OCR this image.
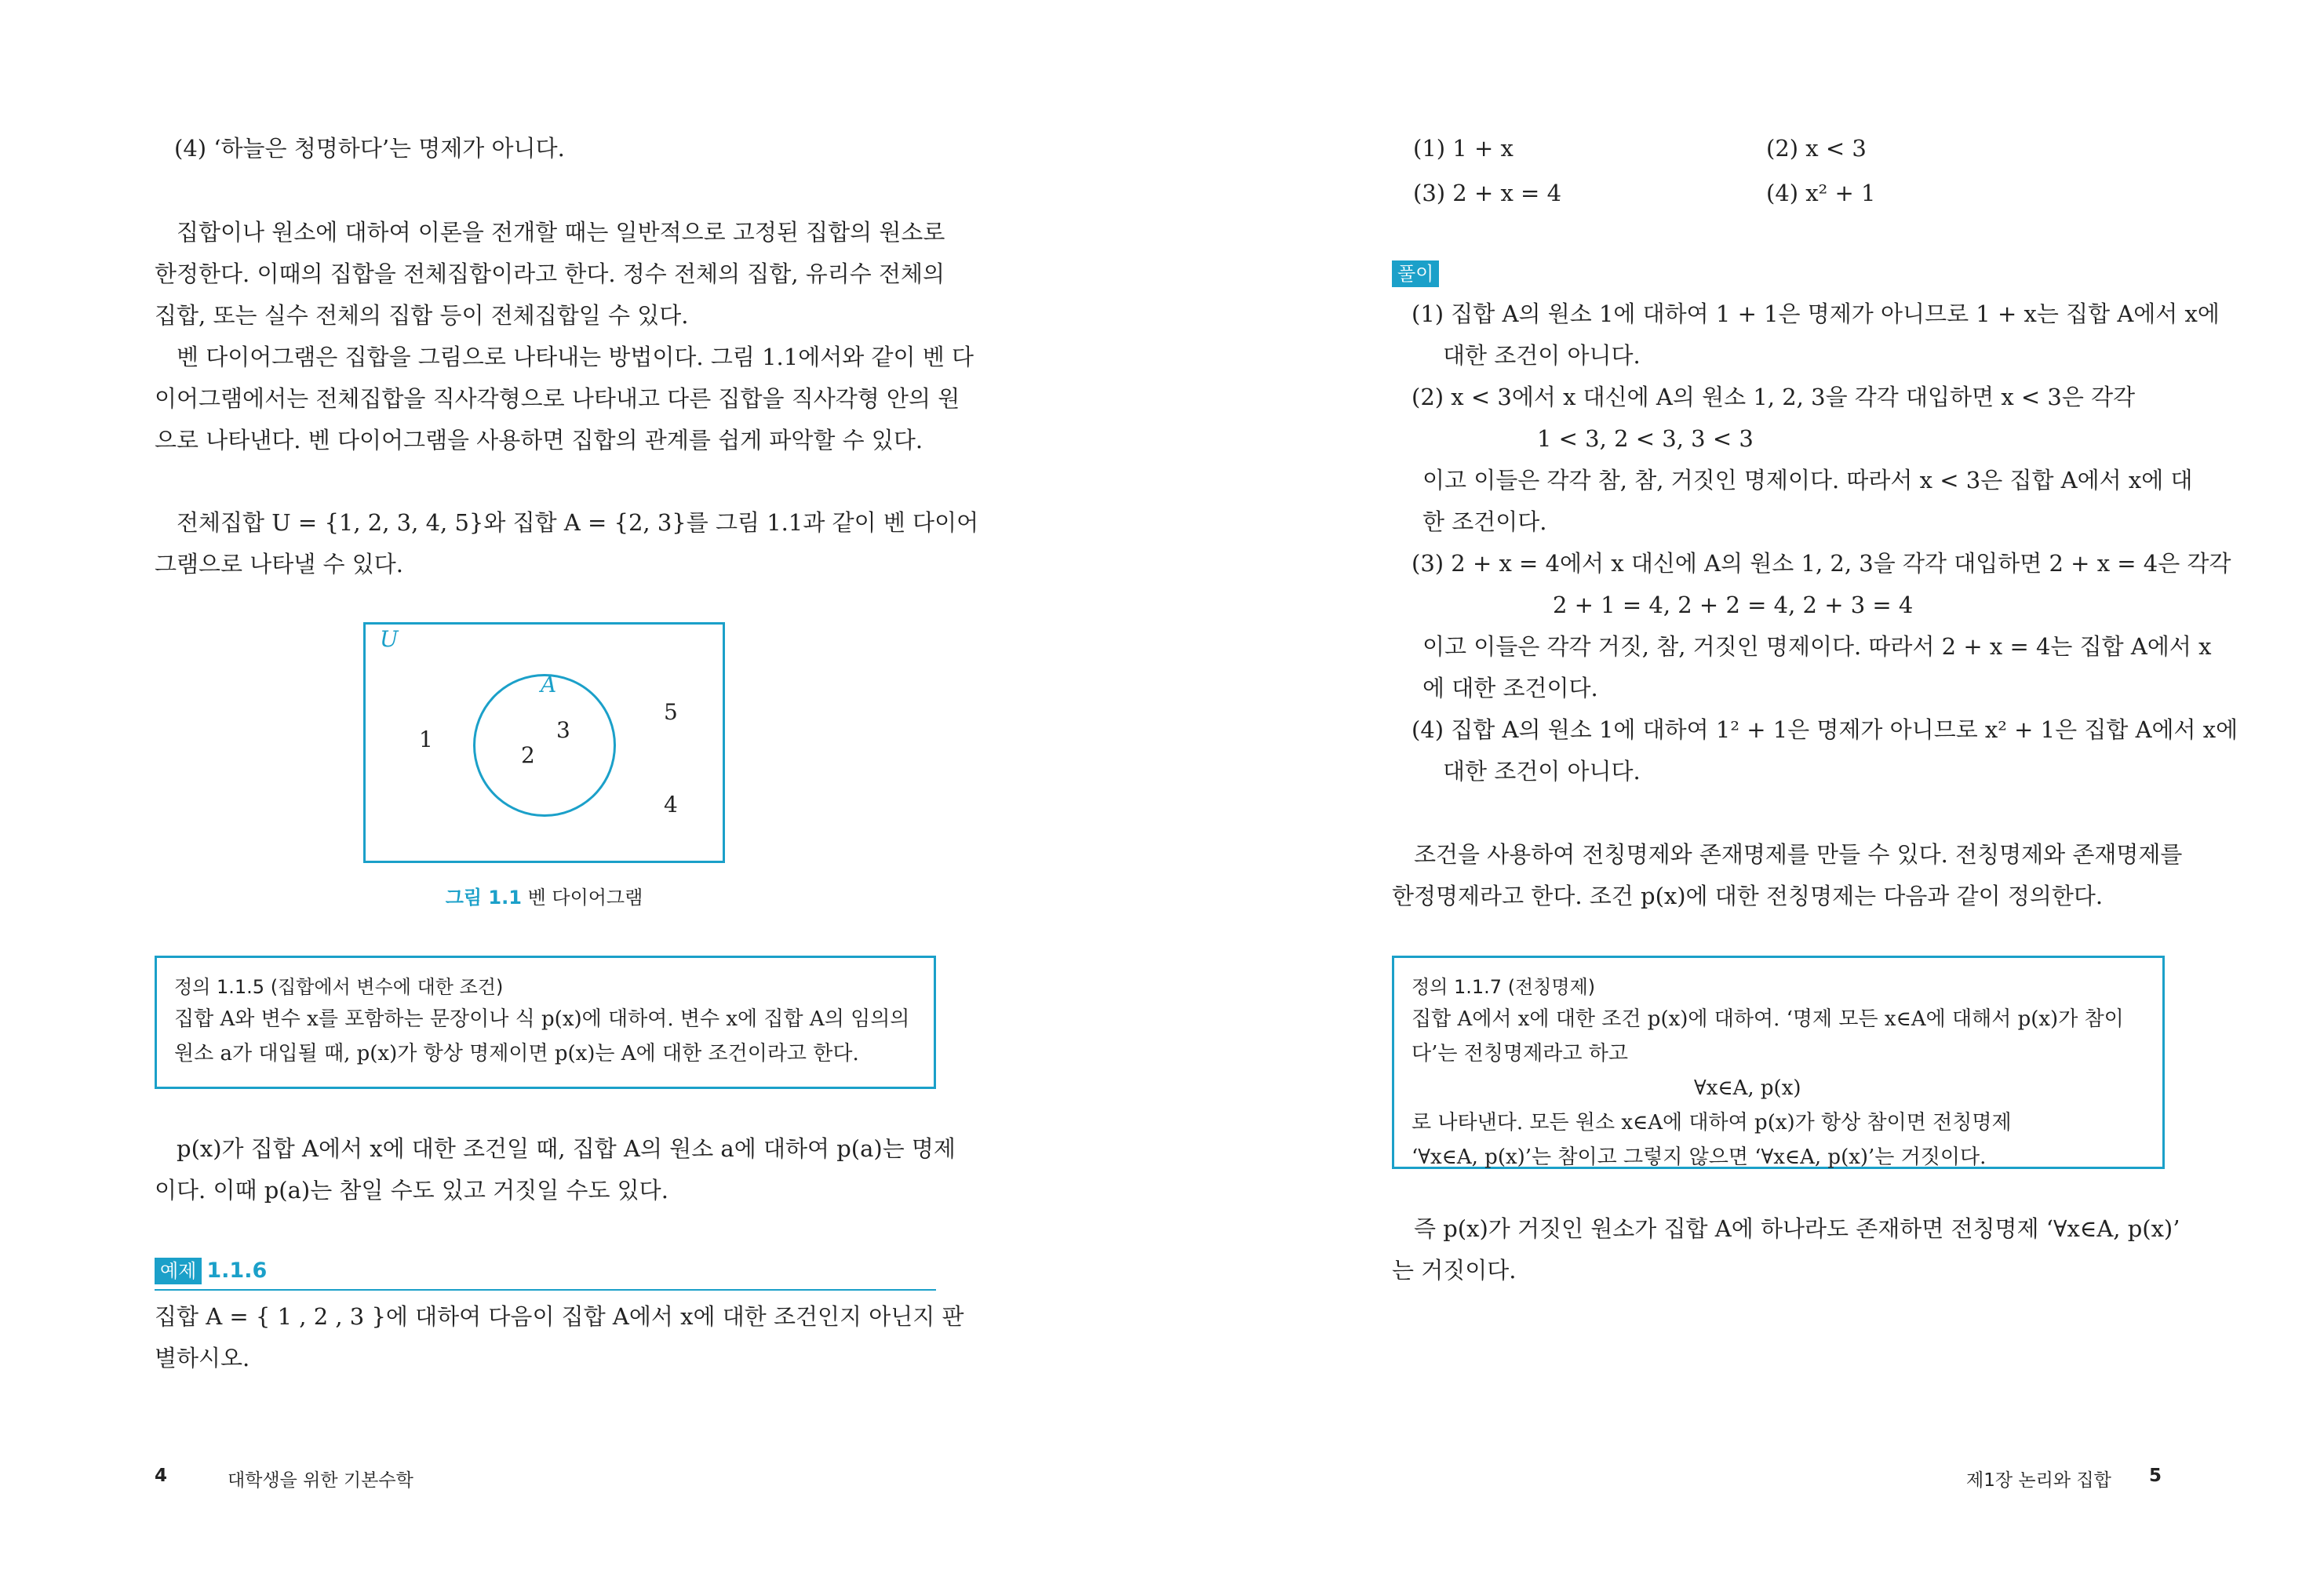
(4) ‘하늘은 청명하다’는 명제가 아니다.
집합이나 원소에 대하여 이론을 전개할 때는 일반적으로 고정된 집합의 원소로
한정한다. 이때의 집합을 전체집합이라고 한다. 정수 전체의 집합, 유리수 전체의
집합, 또는 실수 전체의 집합 등이 전체집합일 수 있다.
벤 다이어그램은 집합을 그림으로 나타내는 방법이다. 그림 1.1에서와 같이 벤 다
이어그램에서는 전체집합을 직사각형으로 나타내고 다른 집합을 직사각형 안의 원
으로 나타낸다. 벤 다이어그램을 사용하면 집합의 관계를 쉽게 파악할 수 있다.
전체집합 U = {1, 2, 3, 4, 5}와 집합 A = {2, 3}를 그림 1.1과 같이 벤 다이어
그램으로 나타낼 수 있다.
U
A
1
2
3
4
5
그림 1.1 벤 다이어그램
정의 1.1.5 (집합에서 변수에 대한 조건)
집합 A와 변수 x를 포함하는 문장이나 식 p(x)에 대하여. 변수 x에 집합 A의 임의의
원소 a가 대입될 때, p(x)가 항상 명제이면 p(x)는 A에 대한 조건이라고 한다.
p(x)가 집합 A에서 x에 대한 조건일 때, 집합 A의 원소 a에 대하여 p(a)는 명제
이다. 이때 p(a)는 참일 수도 있고 거짓일 수도 있다.
예제 1.1.6
집합 A = { 1 , 2 , 3 }에 대하여 다음이 집합 A에서 x에 대한 조건인지 아닌지 판
별하시오.
4	대학생을 위한 기본수학
(1) 1 + x	(2) x < 3
(3) 2 + x = 4	(4) x² + 1
풀이
(1) 집합 A의 원소 1에 대하여 1 + 1은 명제가 아니므로 1 + x는 집합 A에서 x에
대한 조건이 아니다.
(2) x < 3에서 x 대신에 A의 원소 1, 2, 3을 각각 대입하면 x < 3은 각각
1 < 3, 2 < 3, 3 < 3
이고 이들은 각각 참, 참, 거짓인 명제이다. 따라서 x < 3은 집합 A에서 x에 대
한 조건이다.
(3) 2 + x = 4에서 x 대신에 A의 원소 1, 2, 3을 각각 대입하면 2 + x = 4은 각각
2 + 1 = 4, 2 + 2 = 4, 2 + 3 = 4
이고 이들은 각각 거짓, 참, 거짓인 명제이다. 따라서 2 + x = 4는 집합 A에서 x
에 대한 조건이다.
(4) 집합 A의 원소 1에 대하여 1² + 1은 명제가 아니므로 x² + 1은 집합 A에서 x에
대한 조건이 아니다.
조건을 사용하여 전칭명제와 존재명제를 만들 수 있다. 전칭명제와 존재명제를
한정명제라고 한다. 조건 p(x)에 대한 전칭명제는 다음과 같이 정의한다.
정의 1.1.7 (전칭명제)
집합 A에서 x에 대한 조건 p(x)에 대하여. ‘명제 모든 x∈A에 대해서 p(x)가 참이
다’는 전칭명제라고 하고
∀x∈A, p(x)
로 나타낸다. 모든 원소 x∈A에 대하여 p(x)가 항상 참이면 전칭명제
‘∀x∈A, p(x)’는 참이고 그렇지 않으면 ‘∀x∈A, p(x)’는 거짓이다.
즉 p(x)가 거짓인 원소가 집합 A에 하나라도 존재하면 전칭명제 ‘∀x∈A, p(x)’
는 거짓이다.
제1장 논리와 집합 5
